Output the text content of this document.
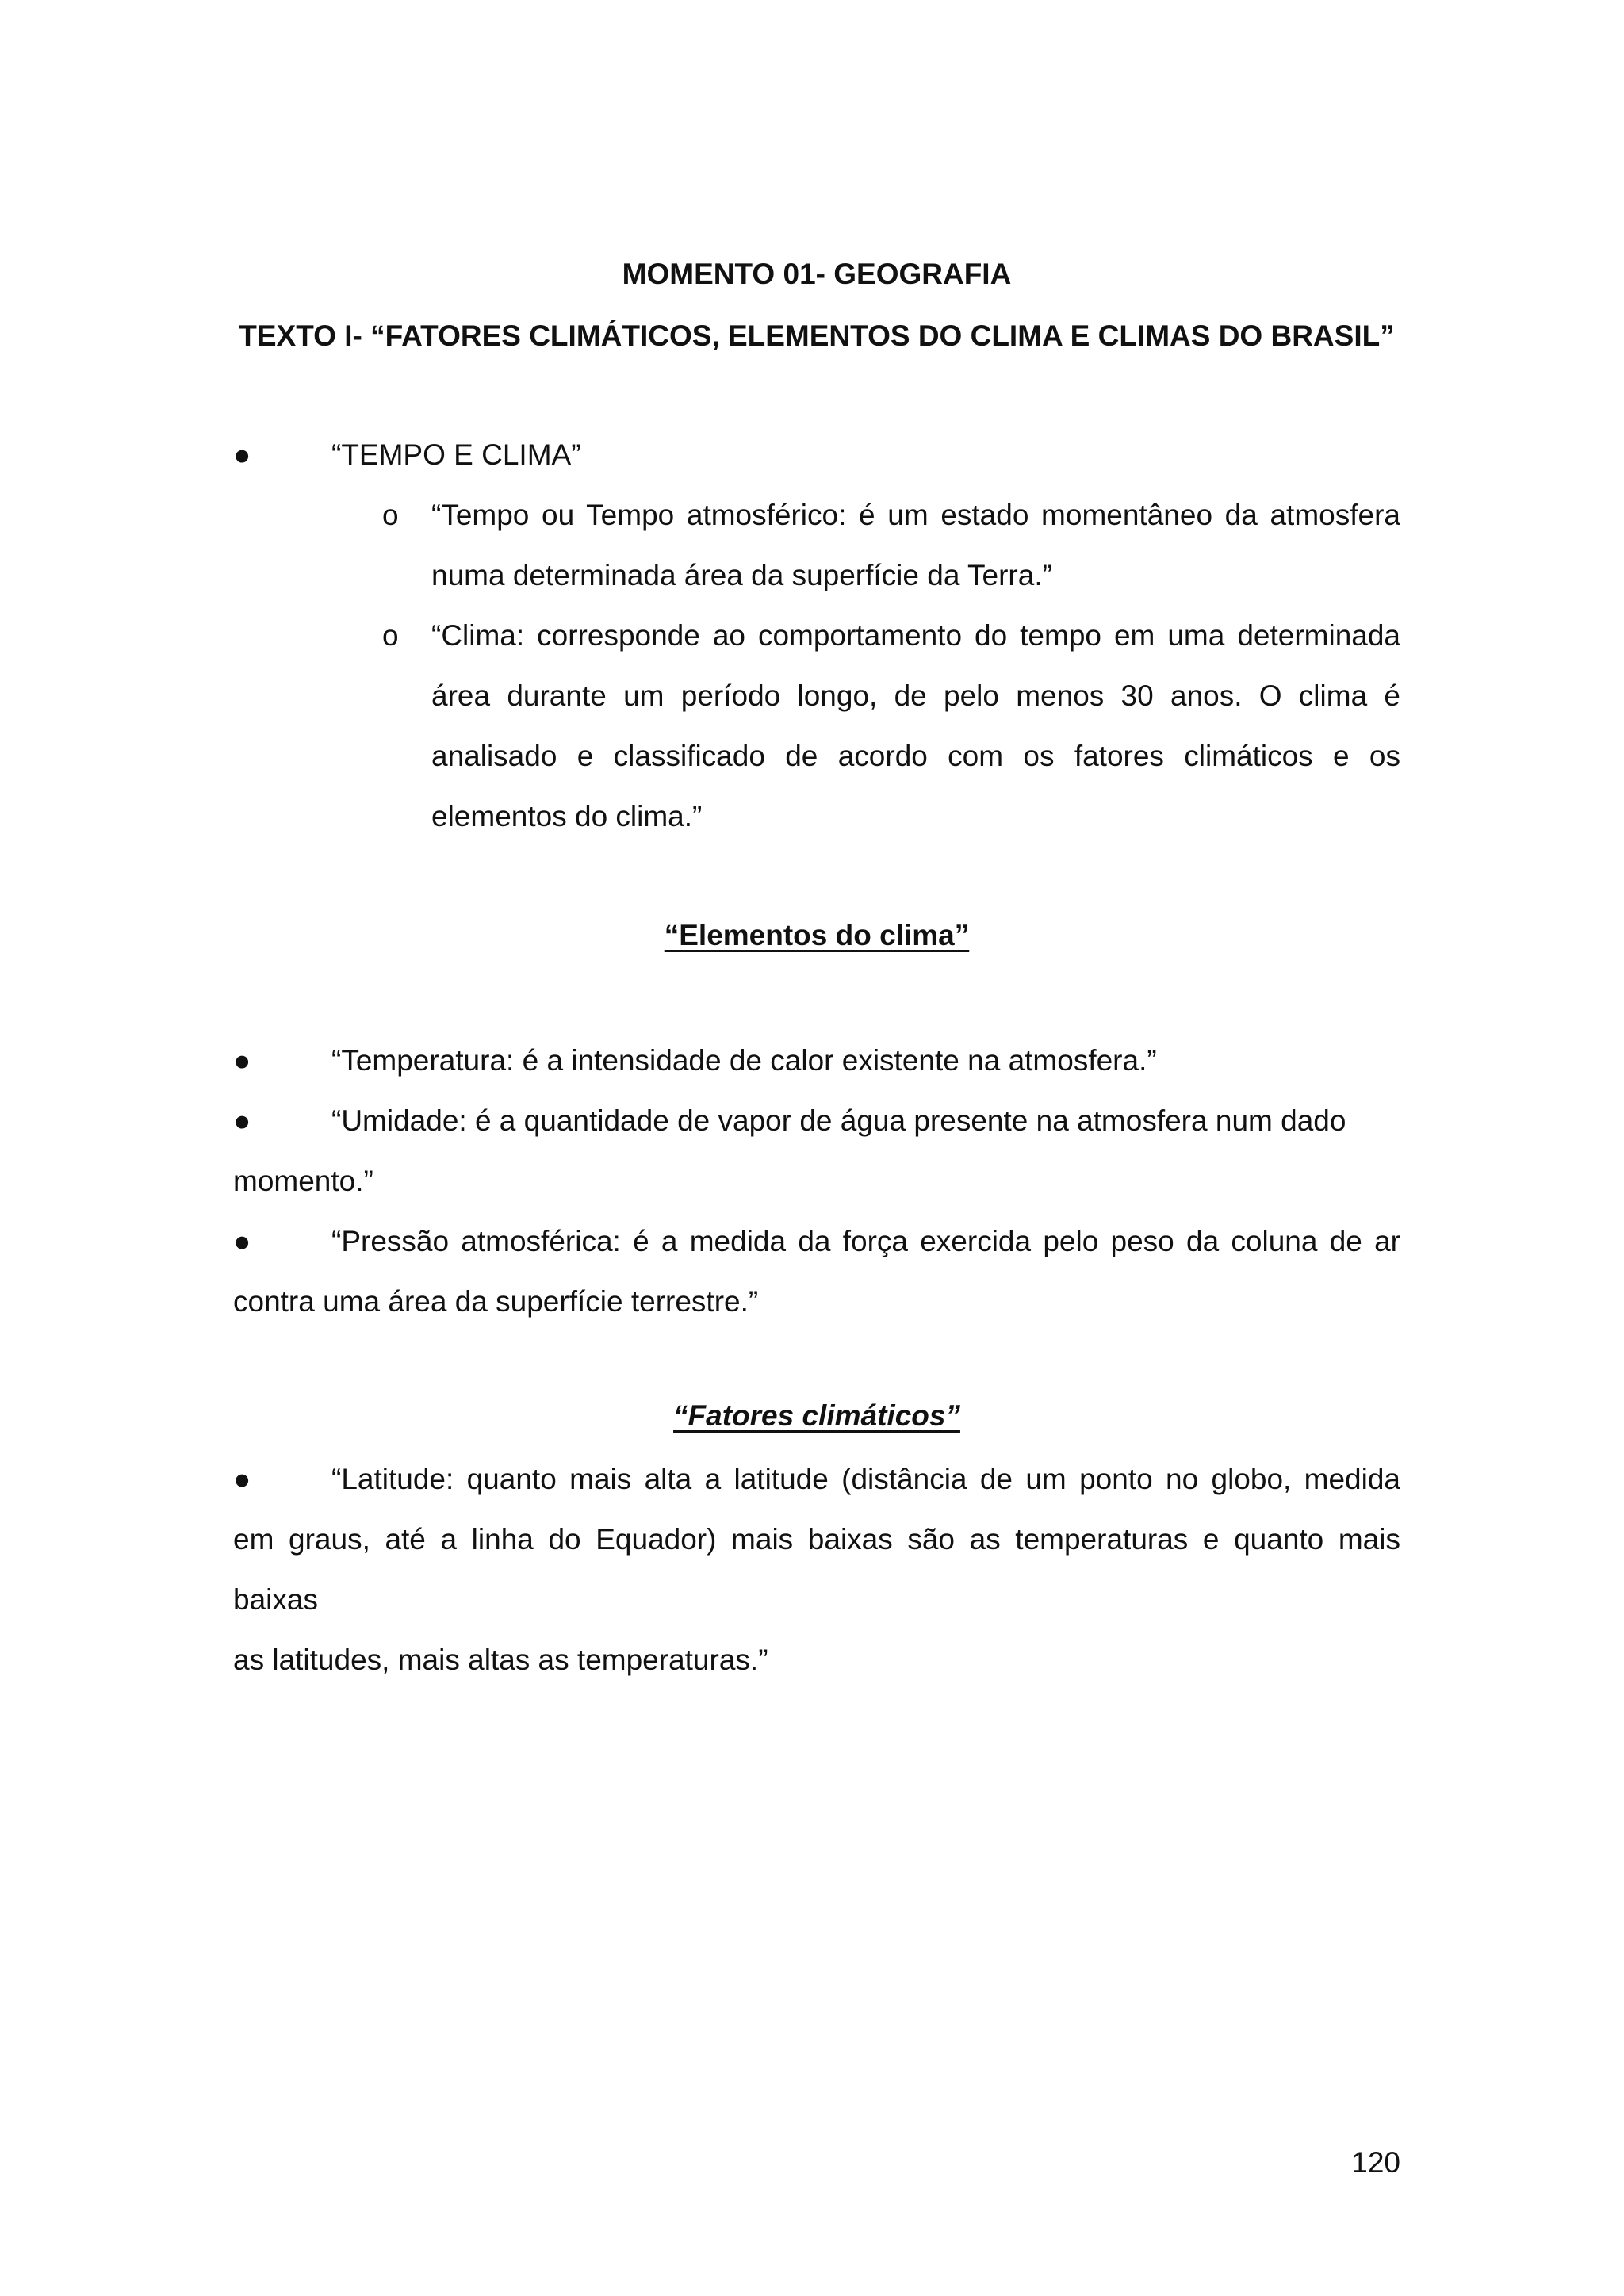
MOMENTO 01- GEOGRAFIA
TEXTO I- “FATORES CLIMÁTICOS, ELEMENTOS DO CLIMA E CLIMAS DO BRASIL”
●	“TEMPO E CLIMA”
o “Tempo ou Tempo atmosférico: é um estado momentâneo da atmosfera
numa determinada área da superfície da Terra.”
o “Clima: corresponde ao comportamento do tempo em uma determinada
área durante um período longo, de pelo menos 30 anos. O clima é
analisado e classificado de acordo com os fatores climáticos e os
elementos do clima.”
“Elementos do clima”
●	“Temperatura: é a intensidade de calor existente na atmosfera.”
●	“Umidade: é a quantidade de vapor de água presente na atmosfera num dado
momento.”
●	“Pressão atmosférica: é a medida da força exercida pelo peso da coluna de ar
contra uma área da superfície terrestre.”
“Fatores climáticos”
●	“Latitude: quanto mais alta a latitude (distância de um ponto no globo, medida
em graus, até a linha do Equador) mais baixas são as temperaturas e quanto mais baixas
as latitudes, mais altas as temperaturas.”
120
